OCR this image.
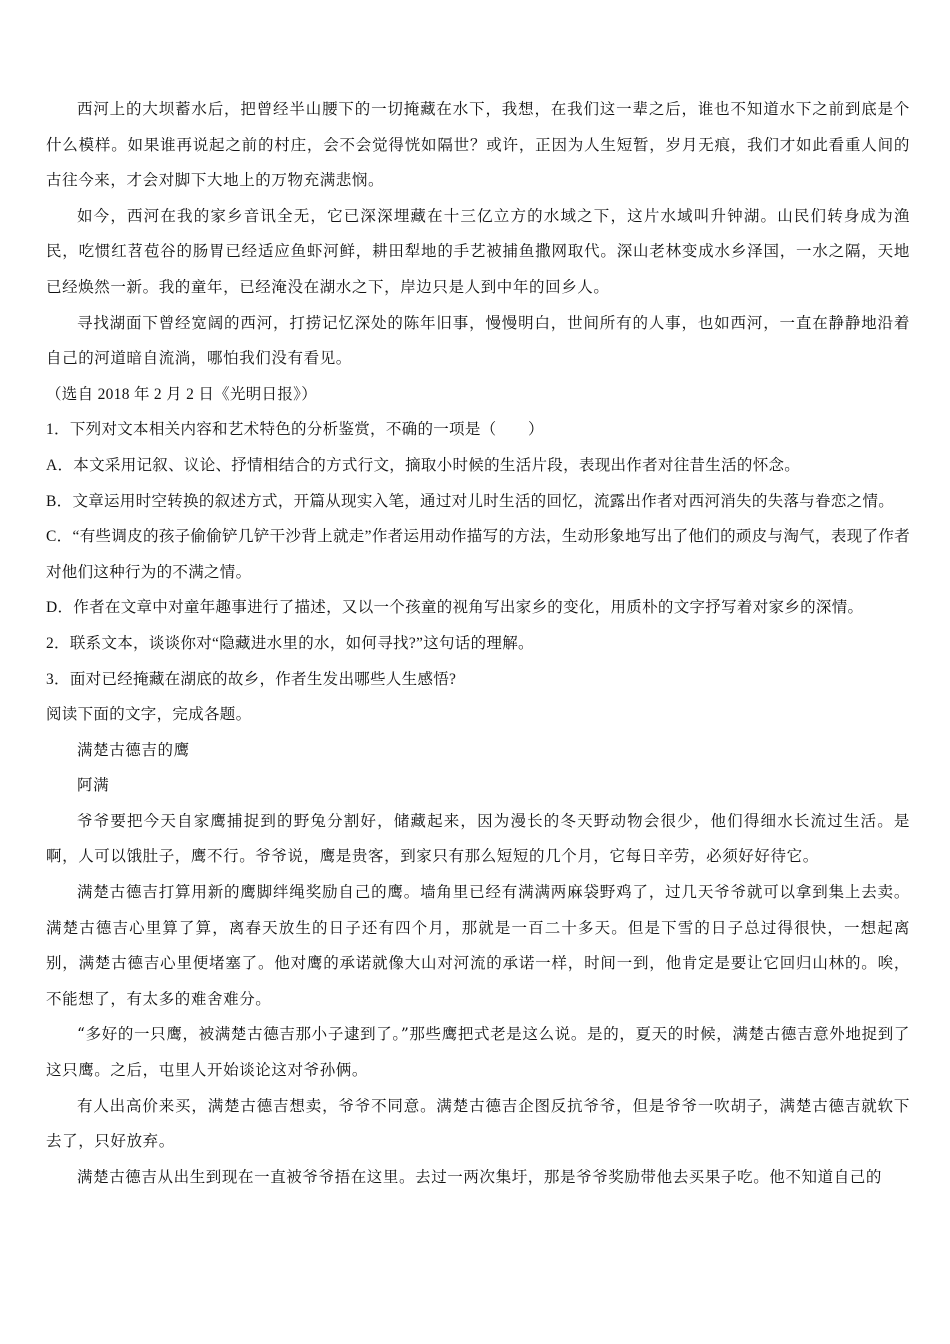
西河上的大坝蓄水后，把曾经半山腰下的一切掩藏在水下，我想，在我们这一辈之后，谁也不知道水下之前到底是个什么模样。如果谁再说起之前的村庄，会不会觉得恍如隔世？或许，正因为人生短暂，岁月无痕，我们才如此看重人间的古往今来，才会对脚下大地上的万物充满悲悯。

如今，西河在我的家乡音讯全无，它已深深埋藏在十三亿立方的水域之下，这片水域叫升钟湖。山民们转身成为渔民，吃惯红苕苞谷的肠胃已经适应鱼虾河鲜，耕田犁地的手艺被捕鱼撒网取代。深山老林变成水乡泽国，一水之隔，天地已经焕然一新。我的童年，已经淹没在湖水之下，岸边只是人到中年的回乡人。

寻找湖面下曾经宽阔的西河，打捞记忆深处的陈年旧事，慢慢明白，世间所有的人事，也如西河，一直在静静地沿着自己的河道暗自流淌，哪怕我们没有看见。

（选自 2018 年 2 月 2 日《光明日报》）

1．下列对文本相关内容和艺术特色的分析鉴赏，不确的一项是（　　）

A．本文采用记叙、议论、抒情相结合的方式行文，摘取小时候的生活片段，表现出作者对往昔生活的怀念。

B．文章运用时空转换的叙述方式，开篇从现实入笔，通过对儿时生活的回忆，流露出作者对西河消失的失落与眷恋之情。

C．“有些调皮的孩子偷偷铲几铲干沙背上就走”作者运用动作描写的方法，生动形象地写出了他们的顽皮与淘气，表现了作者对他们这种行为的不满之情。

D．作者在文章中对童年趣事进行了描述，又以一个孩童的视角写出家乡的变化，用质朴的文字抒写着对家乡的深情。

2．联系文本，谈谈你对“隐藏进水里的水，如何寻找?”这句话的理解。

3．面对已经掩藏在湖底的故乡，作者生发出哪些人生感悟?

阅读下面的文字，完成各题。

满楚古德吉的鹰

阿满

爷爷要把今天自家鹰捕捉到的野兔分割好，储藏起来，因为漫长的冬天野动物会很少，他们得细水长流过生活。是啊，人可以饿肚子，鹰不行。爷爷说，鹰是贵客，到家只有那么短短的几个月，它每日辛劳，必须好好待它。

满楚古德吉打算用新的鹰脚绊绳奖励自己的鹰。墙角里已经有满满两麻袋野鸡了，过几天爷爷就可以拿到集上去卖。满楚古德吉心里算了算，离春天放生的日子还有四个月，那就是一百二十多天。但是下雪的日子总过得很快，一想起离别，满楚古德吉心里便堵塞了。他对鹰的承诺就像大山对河流的承诺一样，时间一到，他肯定是要让它回归山林的。唉，不能想了，有太多的难舍难分。

“多好的一只鹰，被满楚古德吉那小子逮到了。”那些鹰把式老是这么说。是的，夏天的时候，满楚古德吉意外地捉到了这只鹰。之后，屯里人开始谈论这对爷孙俩。

有人出高价来买，满楚古德吉想卖，爷爷不同意。满楚古德吉企图反抗爷爷，但是爷爷一吹胡子，满楚古德吉就软下去了，只好放弃。

满楚古德吉从出生到现在一直被爷爷捂在这里。去过一两次集圩，那是爷爷奖励带他去买果子吃。他不知道自己的
